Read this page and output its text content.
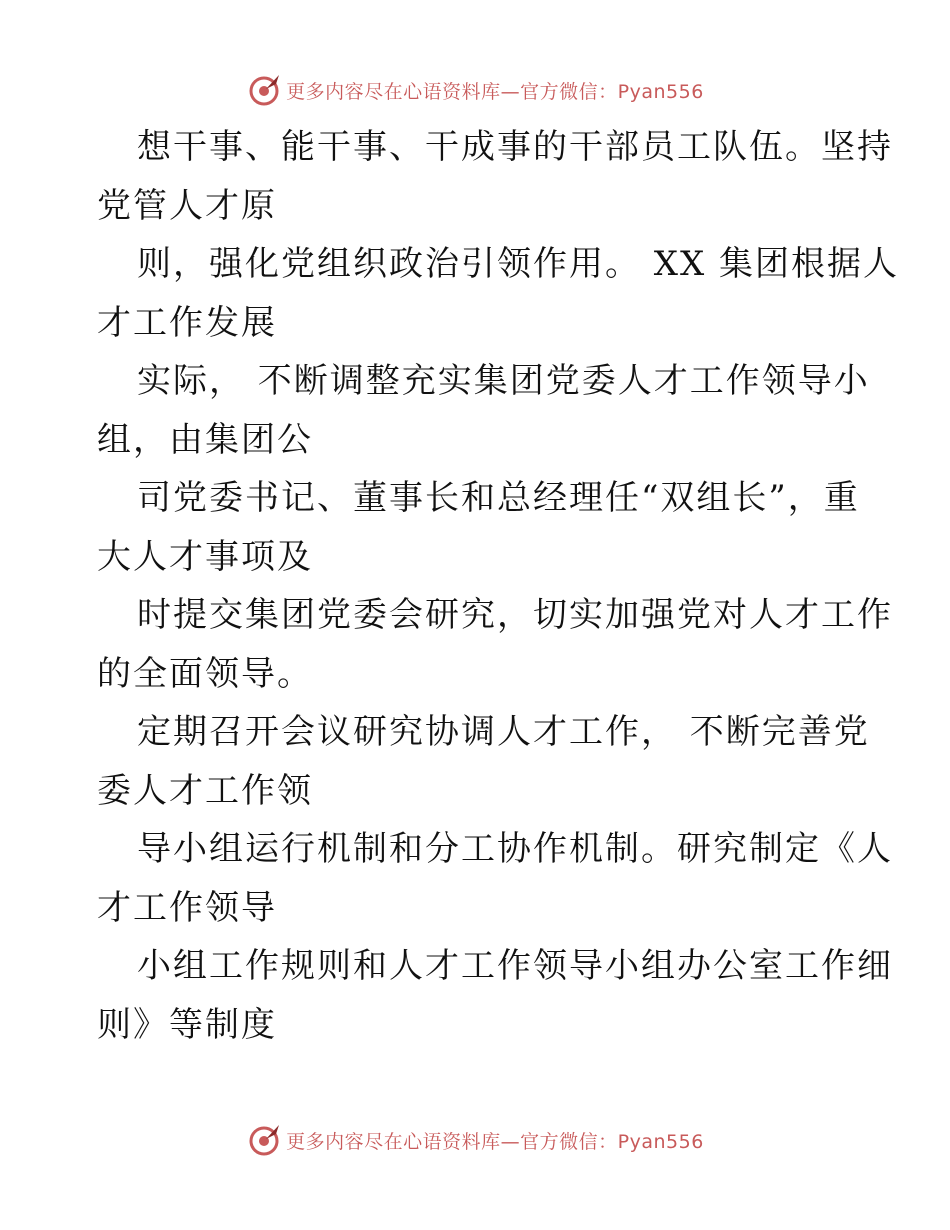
更多内容尽在心语资料库—官方微信：Pyan556
想干事、能干事、干成事的干部员工队伍。坚持
党管人才原
则，强化党组织政治引领作用。 XX 集团根据人
才工作发展
实际， 不断调整充实集团党委人才工作领导小
组，由集团公
司党委书记、董事长和总经理任“双组长”，重
大人才事项及
时提交集团党委会研究，切实加强党对人才工作
的全面领导。
定期召开会议研究协调人才工作， 不断完善党
委人才工作领
导小组运行机制和分工协作机制。研究制定《人
才工作领导
小组工作规则和人才工作领导小组办公室工作细
则》等制度
更多内容尽在心语资料库—官方微信：Pyan556
